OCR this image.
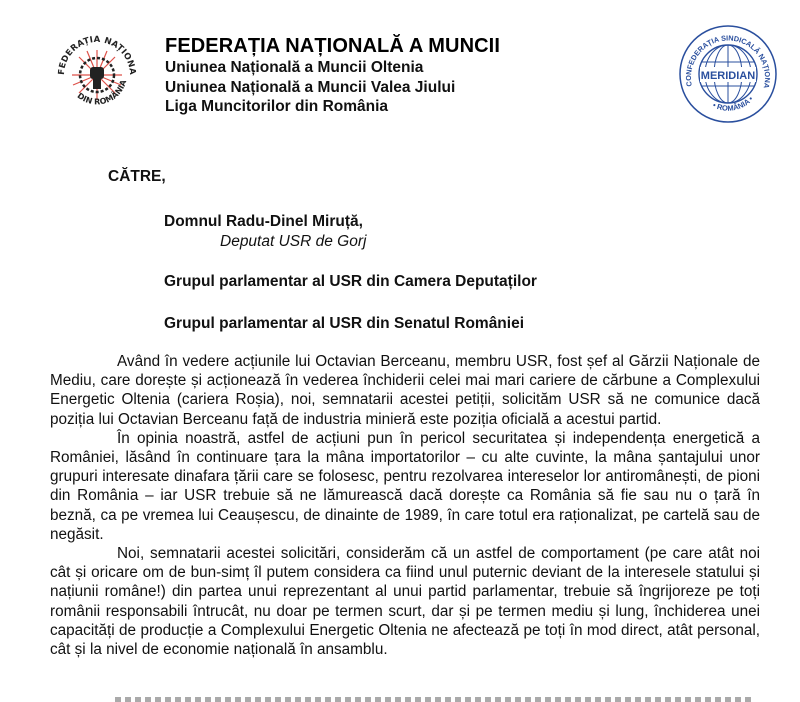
FEDERAȚIA NAȚIONA
DIN ROMÂNIA
FEDERAȚIA NAȚIONALĂ A MUNCII
Uniunea Națională a Muncii Oltenia
Uniunea Națională a Muncii Valea Jiului
Liga Muncitorilor din România
MERIDIAN
CONFEDERAȚIA SINDICALĂ NAȚIONA
• ROMÂNIA •
CĂTRE,
Domnul Radu-Dinel Miruță,
Deputat USR de Gorj
Grupul parlamentar al USR din Camera Deputaților
Grupul parlamentar al USR din Senatul României

Având în vedere acțiunile lui Octavian Berceanu, membru USR, fost șef al Gărzii Naționale de Mediu, care dorește și acționează în vederea închiderii celei mai mari cariere de cărbune a Complexului Energetic Oltenia (cariera Roșia), noi, semnatarii acestei petiții, solicităm USR să ne comunice dacă poziția lui Octavian Berceanu față de industria minieră este poziția oficială a acestui partid.

În opinia noastră, astfel de acțiuni pun în pericol securitatea și independența energetică a României, lăsând în continuare țara la mâna importatorilor – cu alte cuvinte, la mâna șantajului unor grupuri interesate dinafara țării care se folosesc, pentru rezolvarea intereselor lor antiromânești, de pioni din România – iar USR trebuie să ne lămurească dacă dorește ca România să fie sau nu o țară în beznă, ca pe vremea lui Ceaușescu, de dinainte de 1989, în care totul era raționalizat, pe cartelă sau de negăsit.

Noi, semnatarii acestei solicitări, considerăm că un astfel de comportament (pe care atât noi cât și oricare om de bun-simț îl putem considera ca fiind unul puternic deviant de la interesele statului și națiunii române!) din partea unui reprezentant al unui partid parlamentar, trebuie să îngrijoreze pe toți românii responsabili întrucât, nu doar pe termen scurt, dar și pe termen mediu și lung, închiderea unei capacități de producție a Complexului Energetic Oltenia ne afectează pe toți în mod direct, atât personal, cât și la nivel de economie națională în ansamblu.
